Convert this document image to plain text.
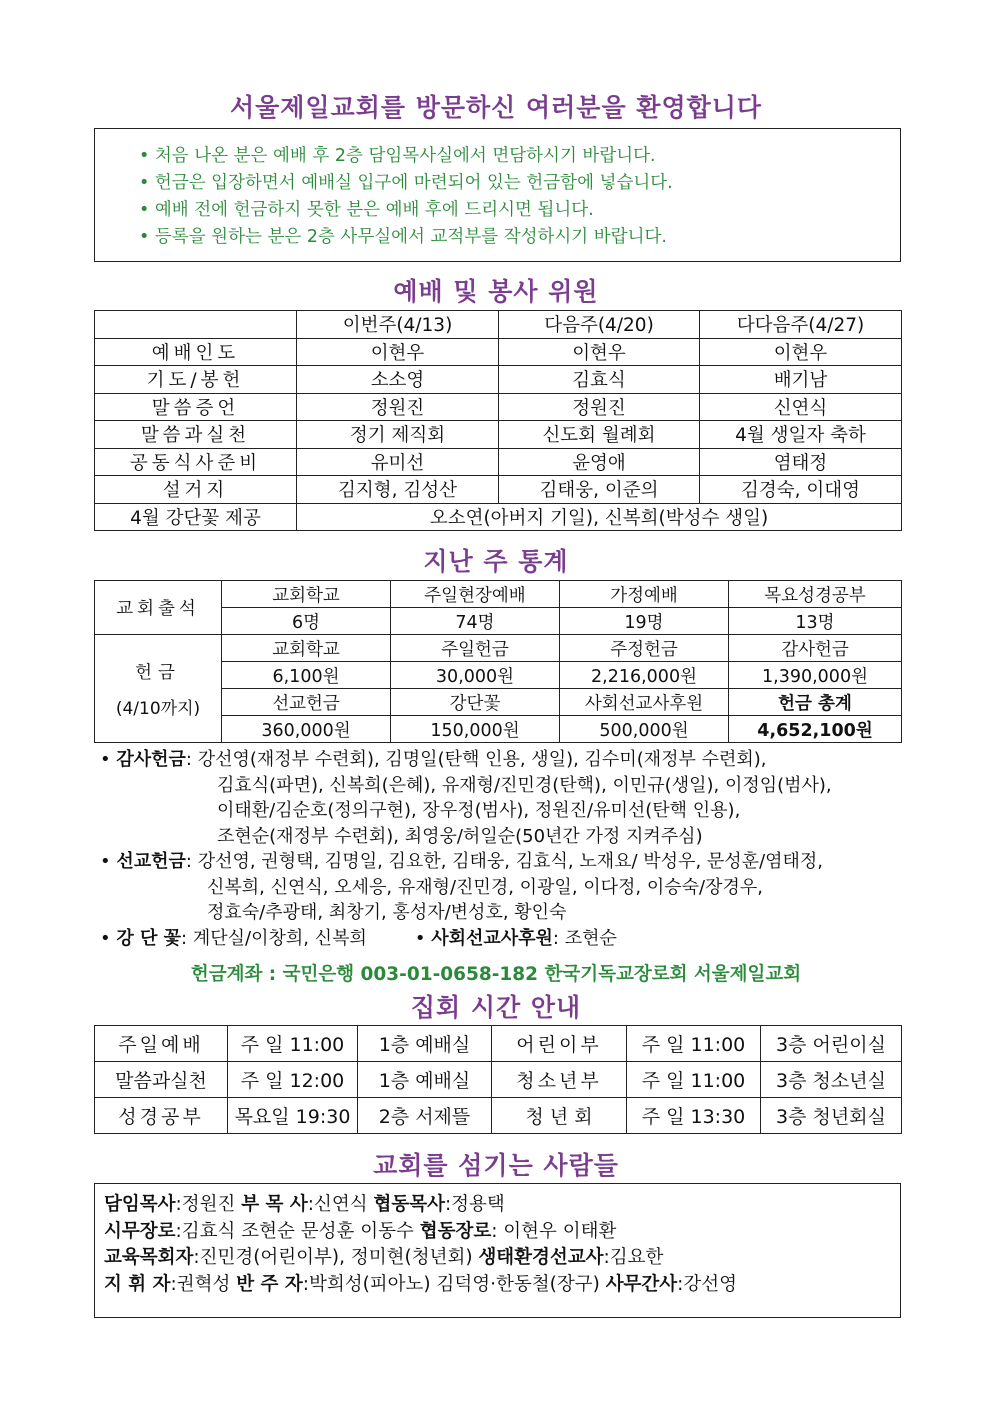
서울제일교회를 방문하신 여러분을 환영합니다
• 처음 나온 분은 예배 후 2층 담임목사실에서 면담하시기 바랍니다.
• 헌금은 입장하면서 예배실 입구에 마련되어 있는 헌금함에 넣습니다.
• 예배 전에 헌금하지 못한 분은 예배 후에 드리시면 됩니다.
• 등록을 원하는 분은 2층 사무실에서 교적부를 작성하시기 바랍니다.
예배 및 봉사 위원
	이번주(4/13)	다음주(4/20)	다다음주(4/27)
예배인도	이현우	이현우	이현우
기도/봉헌	소소영	김효식	배기남
말씀증언	정원진	정원진	신연식
말씀과실천	정기 제직회	신도회 월례회	4월 생일자 축하
공동식사준비	유미선	윤영애	염태정
설거지	김지형, 김성산	김태웅, 이준의	김경숙, 이대영
4월 강단꽃 제공	오소연(아버지 기일), 신복희(박성수 생일)		
지난 주 통계
교회출석	교회학교	주일현장예배	가정예배	목요성경공부
	6명	74명	19명	13명

헌금
(4/10까지)	교회학교	주일헌금	주정헌금	감사헌금
	6,100원	30,000원	2,216,000원	1,390,000원
	선교헌금	강단꽃	사회선교사후원	헌금 총계
	360,000원	150,000원	500,000원	4,652,100원
• 감사헌금: 강선영(재정부 수련회), 김명일(탄핵 인용, 생일), 김수미(재정부 수련회),
김효식(파면), 신복희(은혜), 유재형/진민경(탄핵), 이민규(생일), 이정임(범사),
이태환/김순호(정의구현), 장우정(범사), 정원진/유미선(탄핵 인용),
조현순(재정부 수련회), 최영웅/허일순(50년간 가정 지켜주심)
• 선교헌금: 강선영, 권형택, 김명일, 김요한, 김태웅, 김효식, 노재요/ 박성우, 문성훈/염태정,
신복희, 신연식, 오세응, 유재형/진민경, 이광일, 이다정, 이승숙/장경우,
정효숙/추광태, 최창기, 홍성자/변성호, 황인숙
• 강 단 꽃: 계단실/이창희, 신복희	• 사회선교사후원: 조현순
헌금계좌 : 국민은행 003-01-0658-182 한국기독교장로회 서울제일교회
집회 시간 안내
주일예배	주 일 11:00	1층 예배실	어린이부	주 일 11:00	3층 어린이실
말씀과실천	주 일 12:00	1층 예배실	청소년부	주 일 11:00	3층 청소년실
성경공부	목요일 19:30	2층 서제뜰	청 년 회	주 일 13:30	3층 청년회실
교회를 섬기는 사람들
담임목사:정원진 부 목 사:신연식 협동목사:정용택
시무장로:김효식 조현순 문성훈 이동수 협동장로: 이현우 이태환
교육목회자:진민경(어린이부), 정미현(청년회) 생태환경선교사:김요한
지 휘 자:권혁성 반 주 자:박희성(피아노) 김덕영·한동철(장구) 사무간사:강선영
